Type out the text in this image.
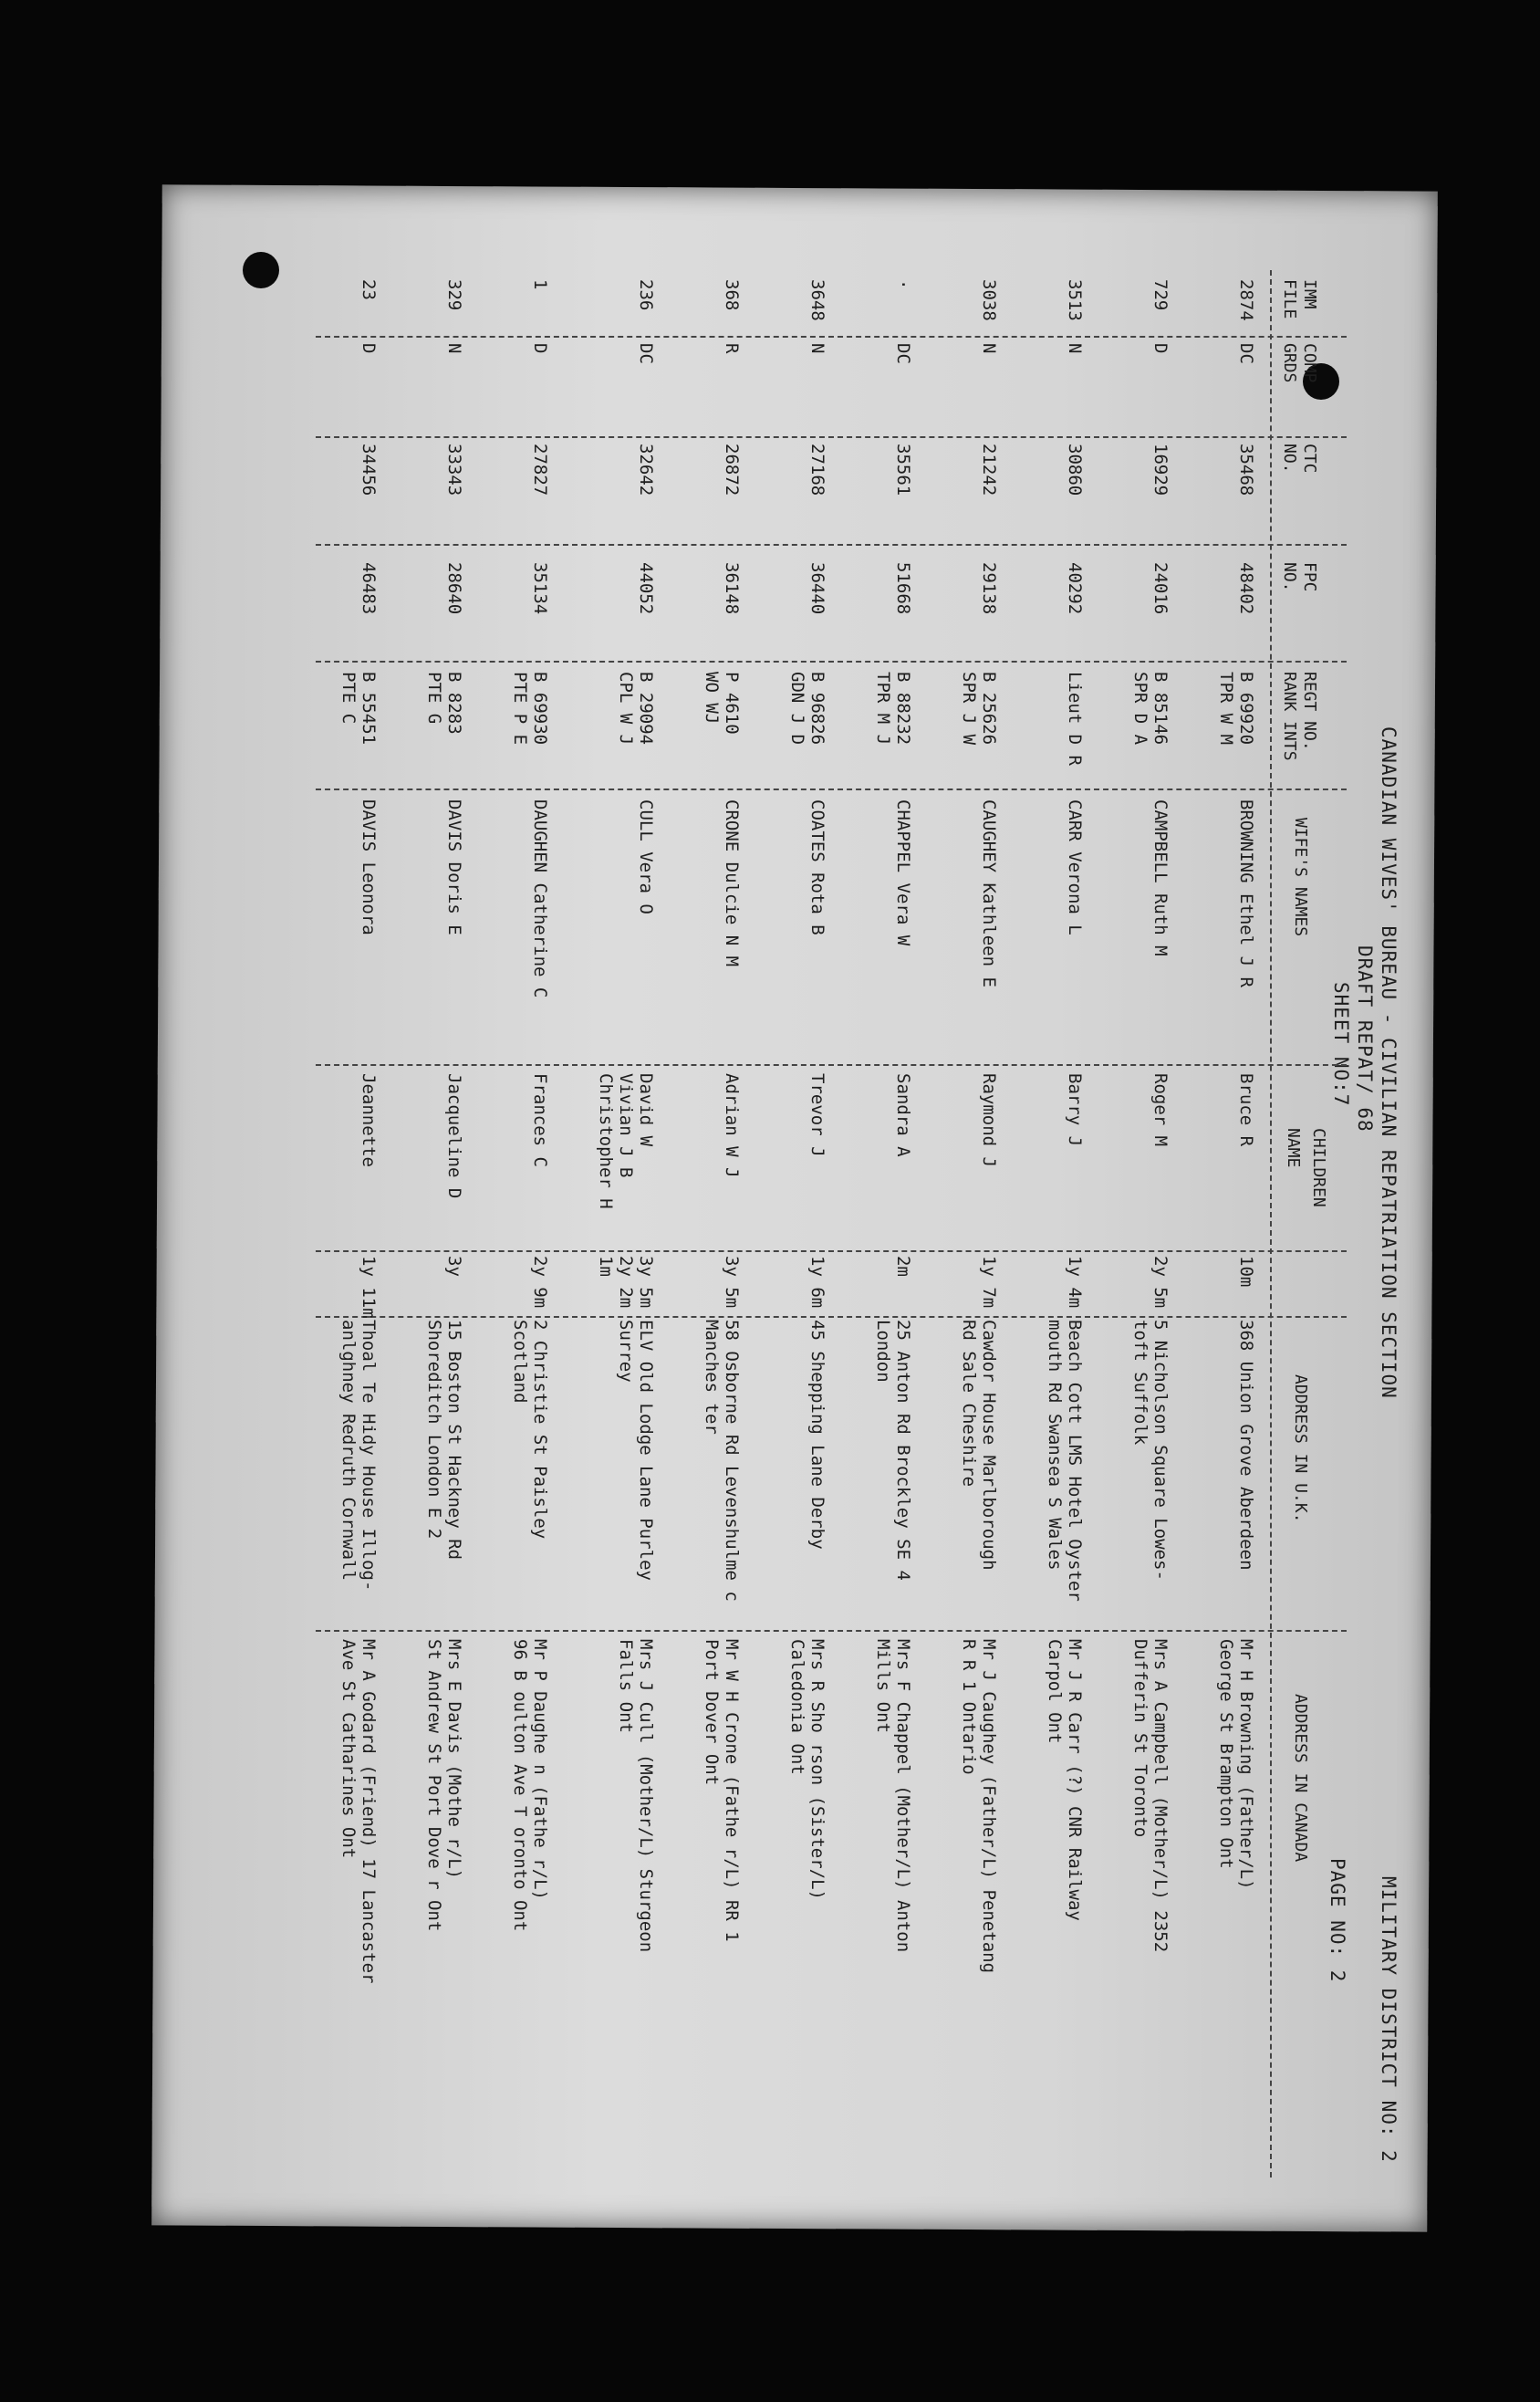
CANADIAN WIVES' BUREAU - CIVILIAN REPATRIATION SECTION
MILITARY DISTRICT NO: 2
DRAFT REPAT/ 68
SHEET NO:7
PAGE NO: 2
IMM
FILE
COMP
GRDS
CTC
NO.
FPC
NO.
REGT NO.
RANK INTS
WIFE'S NAMES
CHILDREN
NAME
ADDRESS IN U.K.
ADDRESS IN CANADA
2874
DC
35468
48402
B 69920
TPR W M
BROWNING Ethel J R
Bruce R
10m
368 Union Grove Aberdeen
Mr H Browning (Father/L)
George St Brampton Ont
729
D
16929
24016
B 85146
SPR D A
CAMPBELL Ruth M
Roger M
2y 5m
5 Nicholson Square Lowes-
toft Suffolk
Mrs A Campbell (Mother/L) 2352
Dufferin St Toronto
3513
N
30860
40292
Lieut D R
CARR Verona L
Barry J
1y 4m
Beach Cott LMS Hotel Oyster
mouth Rd Swansea S Wales
Mr J R Carr (?) CNR Railway
Carpol Ont
3038
N
21242
29138
B 25626
SPR J W
CAUGHEY Kathleen E
Raymond J
1y 7m
Cawdor House Marlborough
Rd Sale Cheshire
Mr J Caughey (Father/L) Penetang
R R 1 Ontario
·
DC
35561
51668
B 88232
TPR M J
CHAPPEL Vera W
Sandra A
2m
25 Anton Rd Brockley SE 4
London
Mrs F Chappel (Mother/L) Anton
Mills Ont
3648
N
27168
36440
B 96826
GDN J D
COATES Rota B
Trevor J
1y 6m
45 Shepping Lane Derby
Mrs R Sho rson (Sister/L)
Caledonia Ont
368
R
26872
36148
P 4610
WO WJ
CRONE Dulcie N M
Adrian W J
3y 5m
58 Osborne Rd Levenshulme c
Manches ter
Mr W H Crone (Fathe r/L) RR 1
Port Dover Ont
236
DC
32642
44052
B 29094
CPL W J
CULL Vera O
David W
Vivian J B
Christopher H
3y 5m
2y 2m
1m
ELV Old Lodge Lane Purley
Surrey
Mrs J Cull (Mother/L) Sturgeon
Falls Ont
1
D
27827
35134
B 69930
PTE P E
DAUGHEN Catherine C
Frances C
2y 9m
2 Christie St Paisley
Scotland
Mr P Daughe n (Fathe r/L)
96 B oulton Ave T oronto Ont
329
N
33343
28640
B 8283
PTE G
DAVIS Doris E
Jacqueline D
3y
15 Boston St Hackney Rd
Shoreditch London E 2
Mrs E Davis (Mothe r/L)
St Andrew St Port Dove r Ont
23
D
34456
46483
B 55451
PTE C
DAVIS Leonora
Jeannette
1y 11m
Thoal Te Hidy House Illog-
anlghney Redruth Cornwall
Mr A Godard (Friend) 17 Lancaster
Ave St Catharines Ont
